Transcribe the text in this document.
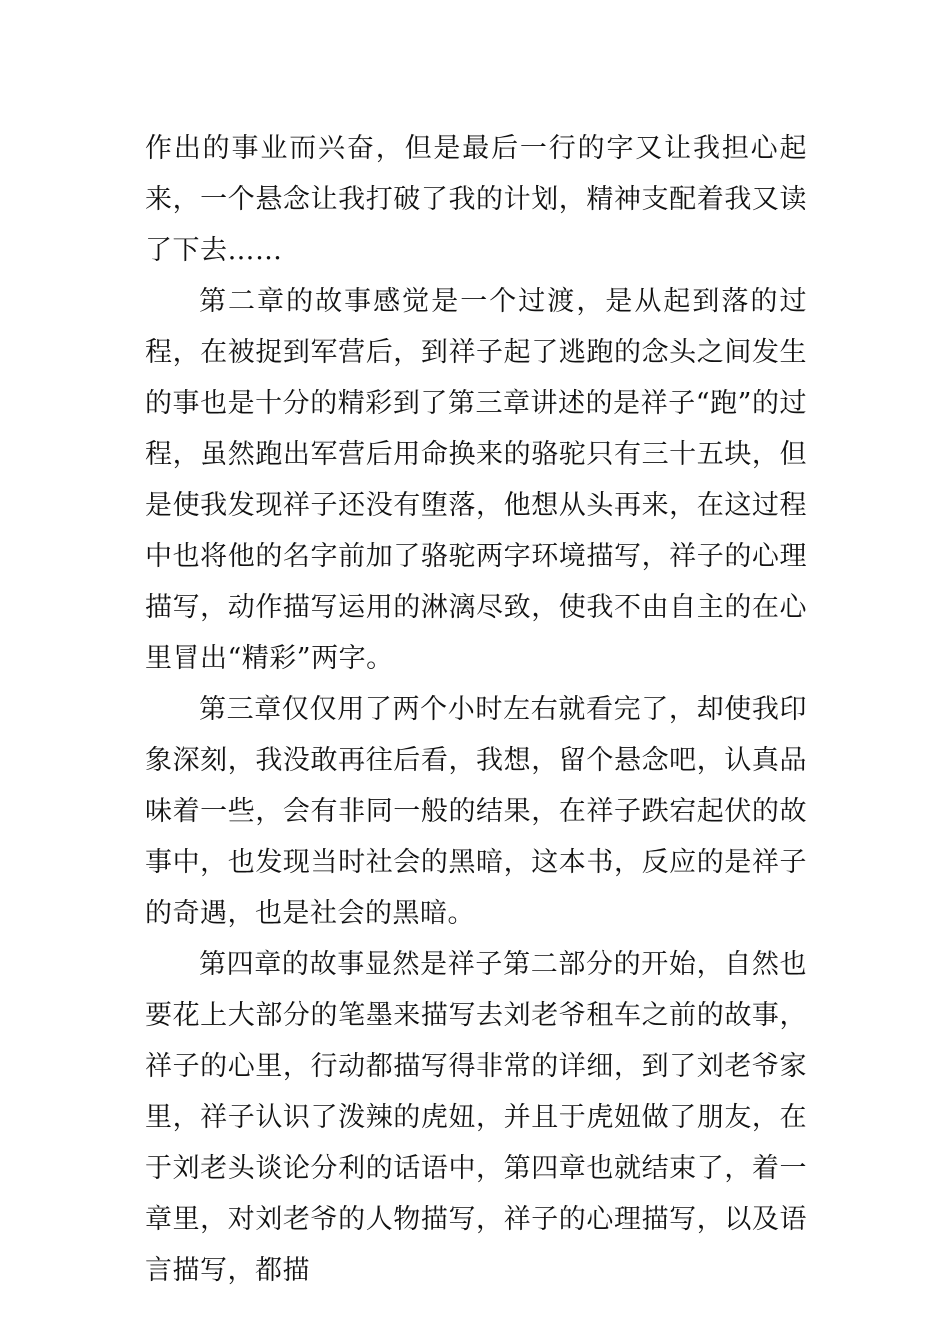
作出的事业而兴奋，但是最后一行的字又让我担心起来，一个悬念让我打破了我的计划，精神支配着我又读了下去……

第二章的故事感觉是一个过渡，是从起到落的过程，在被捉到军营后，到祥子起了逃跑的念头之间发生的事也是十分的精彩到了第三章讲述的是祥子“跑”的过程，虽然跑出军营后用命换来的骆驼只有三十五块，但是使我发现祥子还没有堕落，他想从头再来，在这过程中也将他的名字前加了骆驼两字环境描写，祥子的心理描写，动作描写运用的淋漓尽致，使我不由自主的在心里冒出“精彩”两字。

第三章仅仅用了两个小时左右就看完了，却使我印象深刻，我没敢再往后看，我想，留个悬念吧，认真品味着一些，会有非同一般的结果，在祥子跌宕起伏的故事中，也发现当时社会的黑暗，这本书，反应的是祥子的奇遇，也是社会的黑暗。

第四章的故事显然是祥子第二部分的开始，自然也要花上大部分的笔墨来描写去刘老爷租车之前的故事，祥子的心里，行动都描写得非常的详细，到了刘老爷家里，祥子认识了泼辣的虎妞，并且于虎妞做了朋友，在于刘老头谈论分利的话语中，第四章也就结束了，着一章里，对刘老爷的人物描写，祥子的心理描写，以及语言描写，都描
